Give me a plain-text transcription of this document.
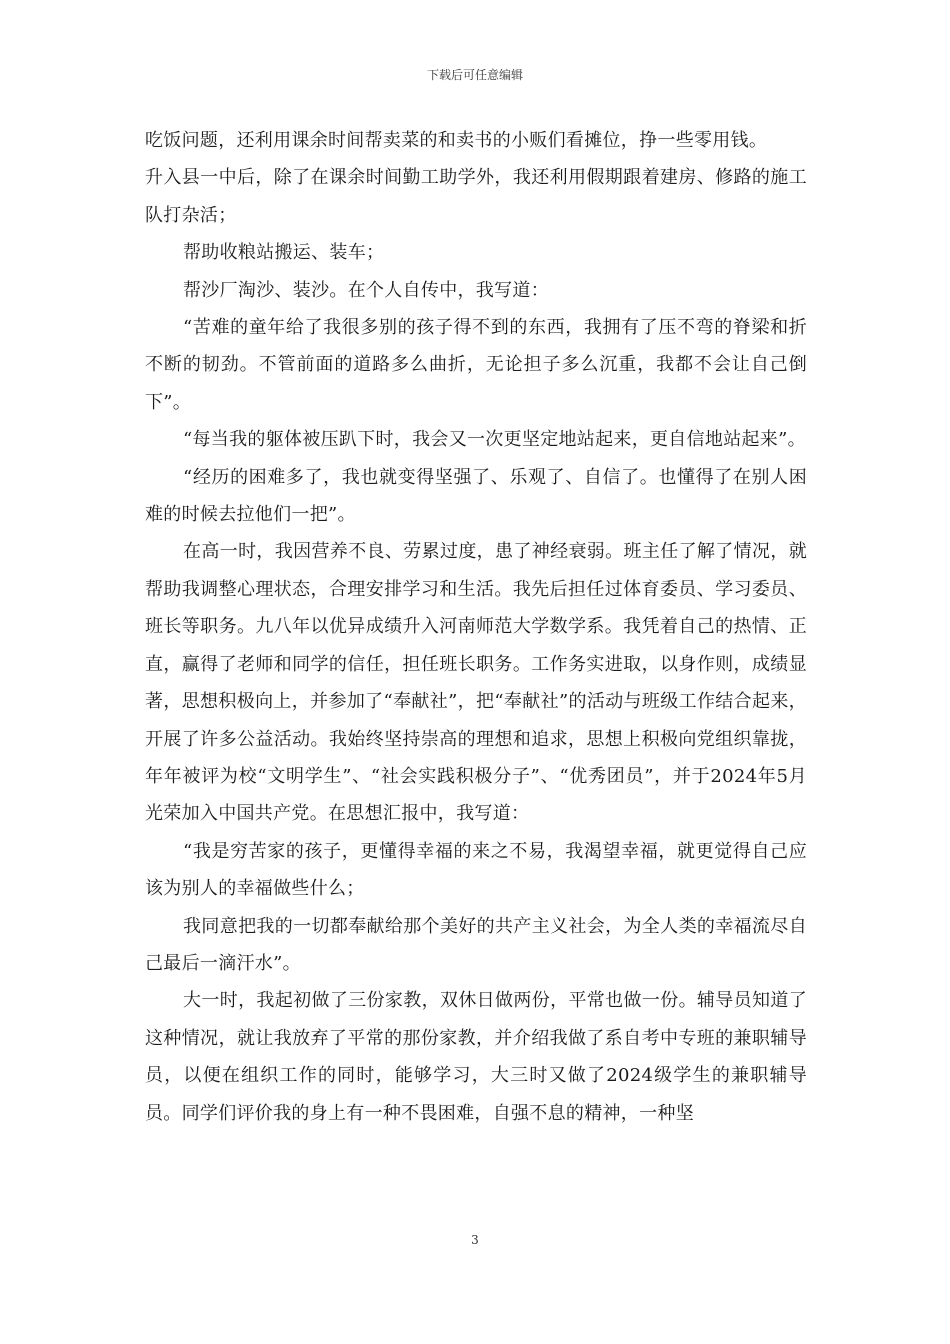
下载后可任意编辑

吃饭问题，还利用课余时间帮卖菜的和卖书的小贩们看摊位，挣一些零用钱。

升入县一中后，除了在课余时间勤工助学外，我还利用假期跟着建房、修路的施工队打杂活；

帮助收粮站搬运、装车；

帮沙厂淘沙、装沙。在个人自传中，我写道：

“苦难的童年给了我很多别的孩子得不到的东西，我拥有了压不弯的脊梁和折不断的韧劲。不管前面的道路多么曲折，无论担子多么沉重，我都不会让自己倒下”。

“每当我的躯体被压趴下时，我会又一次更坚定地站起来，更自信地站起来”。

“经历的困难多了，我也就变得坚强了、乐观了、自信了。也懂得了在别人困难的时候去拉他们一把”。

在高一时，我因营养不良、劳累过度，患了神经衰弱。班主任了解了情况，就帮助我调整心理状态，合理安排学习和生活。我先后担任过体育委员、学习委员、班长等职务。九八年以优异成绩升入河南师范大学数学系。我凭着自己的热情、正直，赢得了老师和同学的信任，担任班长职务。工作务实进取，以身作则，成绩显著，思想积极向上，并参加了“奉献社”，把“奉献社”的活动与班级工作结合起来，开展了许多公益活动。我始终坚持崇高的理想和追求，思想上积极向党组织靠拢，年年被评为校“文明学生”、“社会实践积极分子”、“优秀团员”，并于2024年5月光荣加入中国共产党。在思想汇报中，我写道：

“我是穷苦家的孩子，更懂得幸福的来之不易，我渴望幸福，就更觉得自己应该为别人的幸福做些什么；

我同意把我的一切都奉献给那个美好的共产主义社会，为全人类的幸福流尽自己最后一滴汗水”。

大一时，我起初做了三份家教，双休日做两份，平常也做一份。辅导员知道了这种情况，就让我放弃了平常的那份家教，并介绍我做了系自考中专班的兼职辅导员，以便在组织工作的同时，能够学习，大三时又做了2024级学生的兼职辅导员。同学们评价我的身上有一种不畏困难，自强不息的精神，一种坚

3
